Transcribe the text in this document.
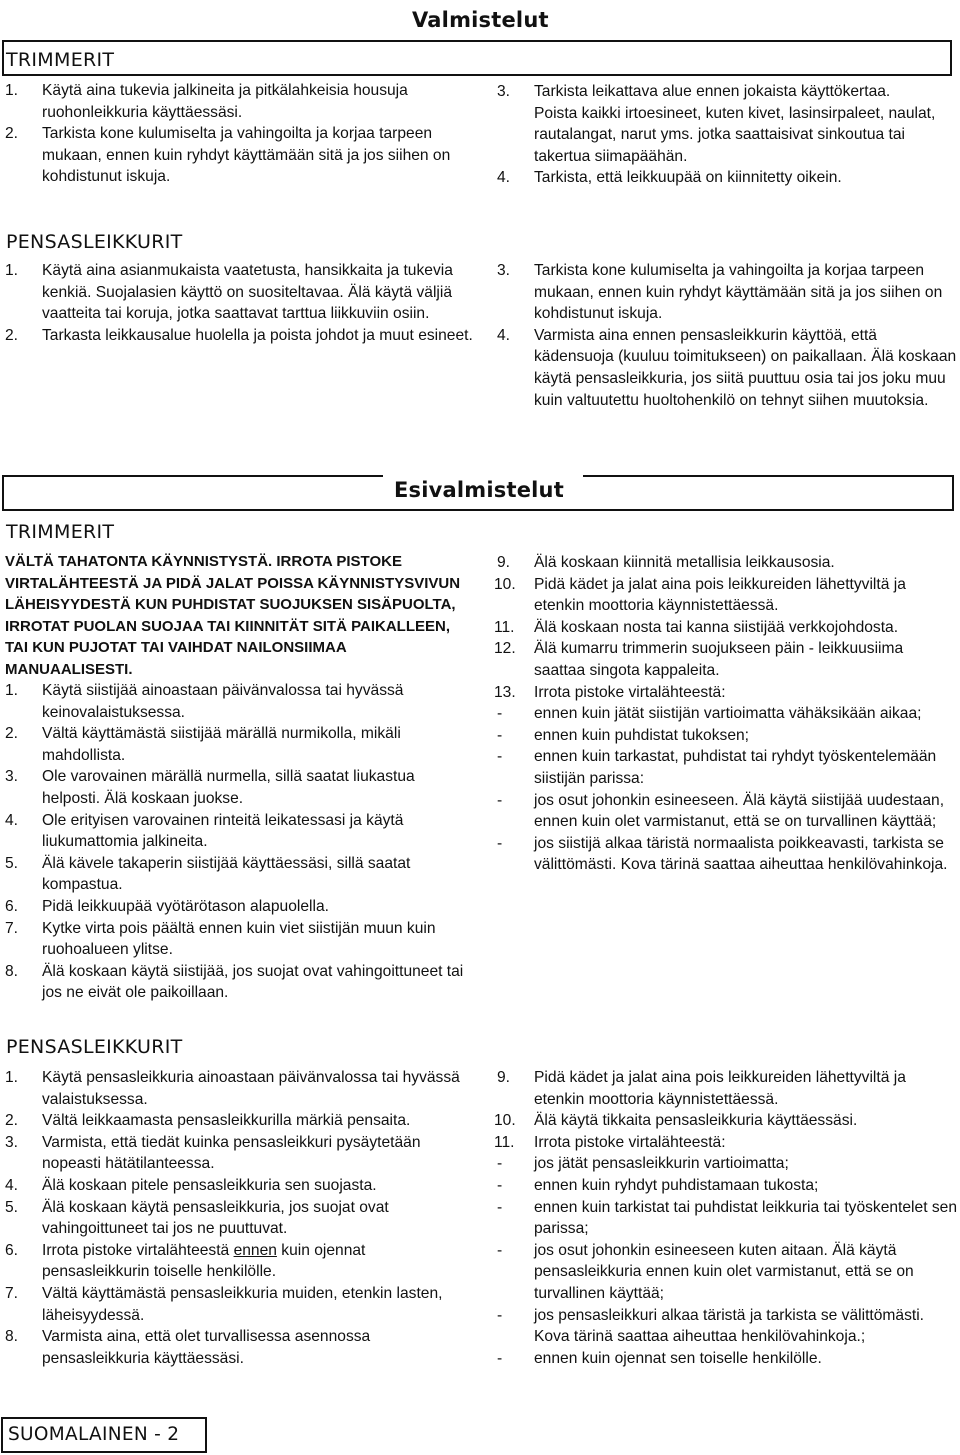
Valmistelut
TRIMMERIT
1. Käytä aina tukevia jalkineita ja pitkälahkeisia housuja ruohonleikkuria käyttäessäsi.
2. Tarkista kone kulumiselta ja vahingoilta ja korjaa tarpeen mukaan, ennen kuin ryhdyt käyttämään sitä ja jos siihen on kohdistunut iskuja.
3. Tarkista leikattava alue ennen jokaista käyttökertaa. Poista kaikki irtoesineet, kuten kivet, lasinsirpaleet, naulat, rautalangat, narut yms. jotka saattaisivat sinkoutua tai takertua siimapäähän.
4. Tarkista, että leikkuupää on kiinnitetty oikein.
PENSASLEIKKURIT
1. Käytä aina asianmukaista vaatetusta, hansikkaita ja tukevia kenkiä. Suojalasien käyttö on suositeltavaa. Älä käytä väljiä vaatteita tai koruja, jotka saattavat tarttua liikkuviin osiin.
2. Tarkasta leikkausalue huolella ja poista johdot ja muut esineet.
3. Tarkista kone kulumiselta ja vahingoilta ja korjaa tarpeen mukaan, ennen kuin ryhdyt käyttämään sitä ja jos siihen on kohdistunut iskuja.
4. Varmista aina ennen pensasleikkurin käyttöä, että kädensuoja (kuuluu toimitukseen) on paikallaan. Älä koskaan käytä pensasleikkuria, jos siitä puuttuu osia tai jos joku muu kuin valtuutettu huoltohenkilö on tehnyt siihen muutoksia.
Esivalmistelut
TRIMMERIT
VÄLTÄ TAHATONTA KÄYNNISTYSTÄ. IRROTA PISTOKE VIRTALÄHTEESTÄ JA PIDÄ JALAT POISSA KÄYNNISTYSVIVUN LÄHEISYYDESTÄ KUN PUHDISTAT SUOJUKSEN SISÄPUOLTA, IRROTAT PUOLAN SUOJAA TAI KIINNITÄT SITÄ PAIKALLEEN, TAI KUN PUJOTAT TAI VAIHDAT NAILONSIIMAA MANUAALISESTI.
1. Käytä siistijää ainoastaan päivänvalossa tai hyvässä keinovalaistuksessa.
2. Vältä käyttämästä siistijää märällä nurmikolla, mikäli mahdollista.
3. Ole varovainen märällä nurmella, sillä saatat liukastua helposti. Älä koskaan juokse.
4. Ole erityisen varovainen rinteitä leikatessasi ja käytä liukumattomia jalkineita.
5. Älä kävele takaperin siistijää käyttäessäsi, sillä saatat kompastua.
6. Pidä leikkuupää vyötärötason alapuolella.
7. Kytke virta pois päältä ennen kuin viet siistijän muun kuin ruohoalueen ylitse.
8. Älä koskaan käytä siistijää, jos suojat ovat vahingoittuneet tai jos ne eivät ole paikoillaan.
9. Älä koskaan kiinnitä metallisia leikkausosia.
10. Pidä kädet ja jalat aina pois leikkureiden lähettyviltä ja etenkin moottoria käynnistettäessä.
11. Älä koskaan nosta tai kanna siistijää verkkojohdosta.
12. Älä kumarru trimmerin suojukseen päin - leikkuusiima saattaa singota kappaleita.
13. Irrota pistoke virtalähteestä:
- ennen kuin jätät siistijän vartioimatta vähäksikään aikaa;
- ennen kuin puhdistat tukoksen;
- ennen kuin tarkastat, puhdistat tai ryhdyt työskentelemään siistijän parissa:
- jos osut johonkin esineeseen. Älä käytä siistijää uudestaan, ennen kuin olet varmistanut, että se on turvallinen käyttää;
- jos siistijä alkaa täristä normaalista poikkeavasti, tarkista se välittömästi. Kova tärinä saattaa aiheuttaa henkilövahinkoja.
PENSASLEIKKURIT
1. Käytä pensasleikkuria ainoastaan päivänvalossa tai hyvässä valaistuksessa.
2. Vältä leikkaamasta pensasleikkurilla märkiä pensaita.
3. Varmista, että tiedät kuinka pensasleikkuri pysäytetään nopeasti hätätilanteessa.
4. Älä koskaan pitele pensasleikkuria sen suojasta.
5. Älä koskaan käytä pensasleikkuria, jos suojat ovat vahingoittuneet tai jos ne puuttuvat.
6. Irrota pistoke virtalähteestä ennen kuin ojennat pensasleikkurin toiselle henkilölle.
7. Vältä käyttämästä pensasleikkuria muiden, etenkin lasten, läheisyydessä.
8. Varmista aina, että olet turvallisessa asennossa pensasleikkuria käyttäessäsi.
9. Pidä kädet ja jalat aina pois leikkureiden lähettyviltä ja etenkin moottoria käynnistettäessä.
10. Älä käytä tikkaita pensasleikkuria käyttäessäsi.
11. Irrota pistoke virtalähteestä:
- jos jätät pensasleikkurin vartioimatta;
- ennen kuin ryhdyt puhdistamaan tukosta;
- ennen kuin tarkistat tai puhdistat leikkuria tai työskentelet sen parissa;
- jos osut johonkin esineeseen kuten aitaan. Älä käytä pensasleikkuria ennen kuin olet varmistanut, että se on turvallinen käyttää;
- jos pensasleikkuri alkaa täristä ja tarkista se välittömästi. Kova tärinä saattaa aiheuttaa henkilövahinkoja.;
- ennen kuin ojennat sen toiselle henkilölle.
SUOMALAINEN - 2
